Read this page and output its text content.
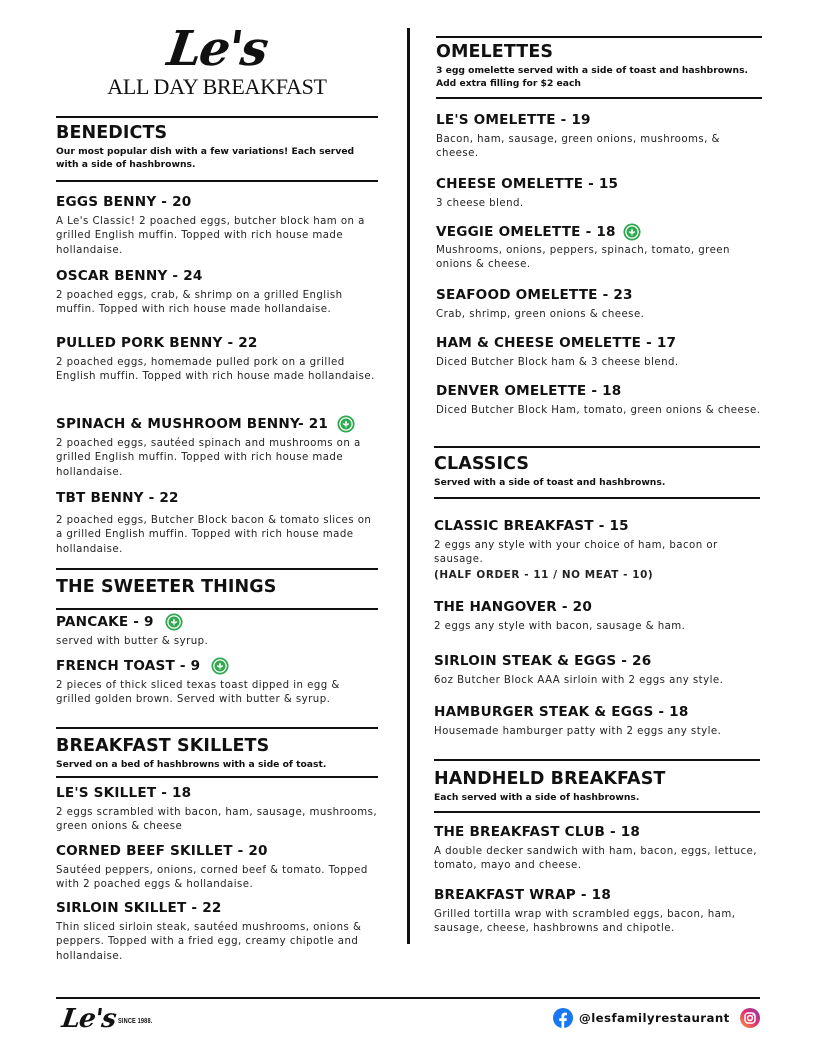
Le's
ALL DAY BREAKFAST
BENEDICTS
Our most popular dish with a few variations! Each served with a side of hashbrowns.
EGGS BENNY - 20
A Le's Classic! 2 poached eggs, butcher block ham on a grilled English muffin. Topped with rich house made hollandaise.
OSCAR BENNY - 24
2 poached eggs, crab, & shrimp on a grilled English muffin. Topped with rich house made hollandaise.
PULLED PORK BENNY - 22
2 poached eggs, homemade pulled pork on a grilled English muffin. Topped with rich house made hollandaise.
SPINACH & MUSHROOM BENNY- 21
2 poached eggs, sautéed spinach and mushrooms on a grilled English muffin. Topped with rich house made hollandaise.
TBT BENNY - 22
2 poached eggs, Butcher Block bacon & tomato slices on a grilled English muffin. Topped with rich house made hollandaise.
THE SWEETER THINGS
PANCAKE - 9
served with butter & syrup.
FRENCH TOAST - 9
2 pieces of thick sliced texas toast dipped in egg & grilled golden brown. Served with butter & syrup.
BREAKFAST SKILLETS
Served on a bed of hashbrowns with a side of toast.
LE'S SKILLET - 18
2 eggs scrambled with bacon, ham, sausage, mushrooms, green onions & cheese
CORNED BEEF SKILLET - 20
Sautéed peppers, onions, corned beef & tomato. Topped with 2 poached eggs & hollandaise.
SIRLOIN SKILLET - 22
Thin sliced sirloin steak, sautéed mushrooms, onions & peppers. Topped with a fried egg, creamy chipotle and hollandaise.
OMELETTES
3 egg omelette served with a side of toast and hashbrowns. Add extra filling for $2 each
LE'S OMELETTE - 19
Bacon, ham, sausage, green onions, mushrooms, & cheese.
CHEESE OMELETTE - 15
3 cheese blend.
VEGGIE OMELETTE - 18
Mushrooms, onions, peppers, spinach, tomato, green onions & cheese.
SEAFOOD OMELETTE - 23
Crab, shrimp, green onions & cheese.
HAM & CHEESE OMELETTE - 17
Diced Butcher Block ham & 3 cheese blend.
DENVER OMELETTE - 18
Diced Butcher Block Ham, tomato, green onions & cheese.
CLASSICS
Served with a side of toast and hashbrowns.
CLASSIC BREAKFAST - 15
2 eggs any style with your choice of ham, bacon or sausage.
(HALF ORDER - 11 / NO MEAT - 10)
THE HANGOVER - 20
2 eggs any style with bacon, sausage & ham.
SIRLOIN STEAK & EGGS - 26
6oz Butcher Block AAA sirloin with 2 eggs any style.
HAMBURGER STEAK & EGGS - 18
Housemade hamburger patty with 2 eggs any style.
HANDHELD BREAKFAST
Each served with a side of hashbrowns.
THE BREAKFAST CLUB - 18
A double decker sandwich with ham, bacon, eggs, lettuce, tomato, mayo and cheese.
BREAKFAST WRAP - 18
Grilled tortilla wrap with scrambled eggs, bacon, ham, sausage, cheese, hashbrowns and chipotle.
Le's SINCE 1988.	@lesfamilyrestaurant
